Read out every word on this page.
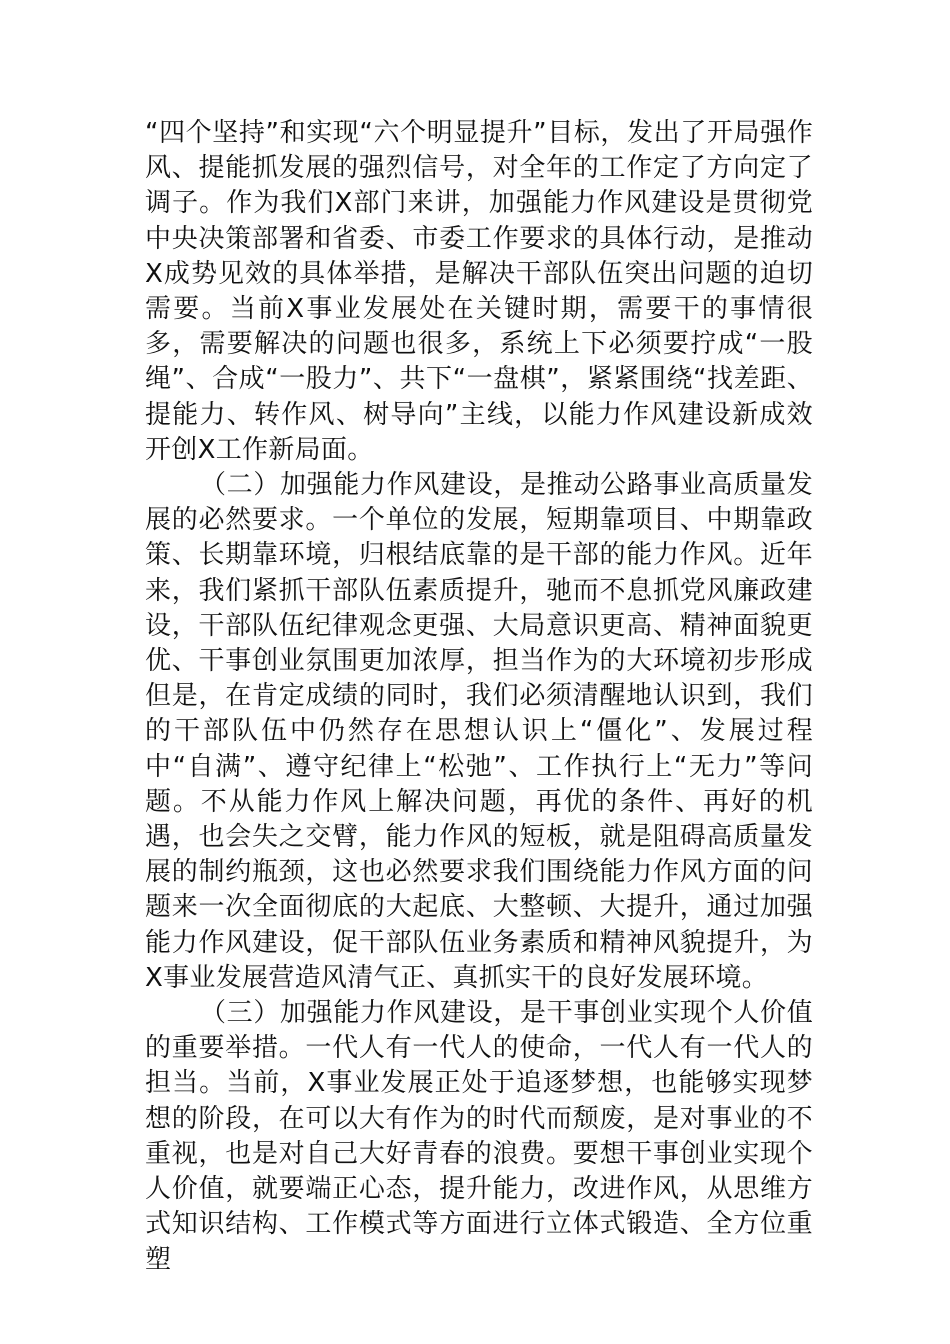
“四个坚持”和实现“六个明显提升”目标，发出了开局强作风、提能抓发展的强烈信号，对全年的工作定了方向定了调子。作为我们X部门来讲，加强能力作风建设是贯彻党中央决策部署和省委、市委工作要求的具体行动，是推动X成势见效的具体举措，是解决干部队伍突出问题的迫切需要。当前X事业发展处在关键时期，需要干的事情很多，需要解决的问题也很多，系统上下必须要拧成“一股绳”、合成“一股力”、共下“一盘棋”，紧紧围绕“找差距、提能力、转作风、树导向”主线，以能力作风建设新成效开创X工作新局面。

（二）加强能力作风建设，是推动公路事业高质量发展的必然要求。一个单位的发展，短期靠项目、中期靠政策、长期靠环境，归根结底靠的是干部的能力作风。近年来，我们紧抓干部队伍素质提升，驰而不息抓党风廉政建设，干部队伍纪律观念更强、大局意识更高、精神面貌更优、干事创业氛围更加浓厚，担当作为的大环境初步形成但是，在肯定成绩的同时，我们必须清醒地认识到，我们的干部队伍中仍然存在思想认识上“僵化”、发展过程中“自满”、遵守纪律上“松弛”、工作执行上“无力”等问题。不从能力作风上解决问题，再优的条件、再好的机遇，也会失之交臂，能力作风的短板，就是阻碍高质量发展的制约瓶颈，这也必然要求我们围绕能力作风方面的问题来一次全面彻底的大起底、大整顿、大提升，通过加强能力作风建设，促干部队伍业务素质和精神风貌提升，为X事业发展营造风清气正、真抓实干的良好发展环境。

（三）加强能力作风建设，是干事创业实现个人价值的重要举措。一代人有一代人的使命，一代人有一代人的担当。当前，X事业发展正处于追逐梦想，也能够实现梦想的阶段，在可以大有作为的时代而颓废，是对事业的不重视，也是对自己大好青春的浪费。要想干事创业实现个人价值，就要端正心态，提升能力，改进作风，从思维方式知识结构、工作模式等方面进行立体式锻造、全方位重塑
